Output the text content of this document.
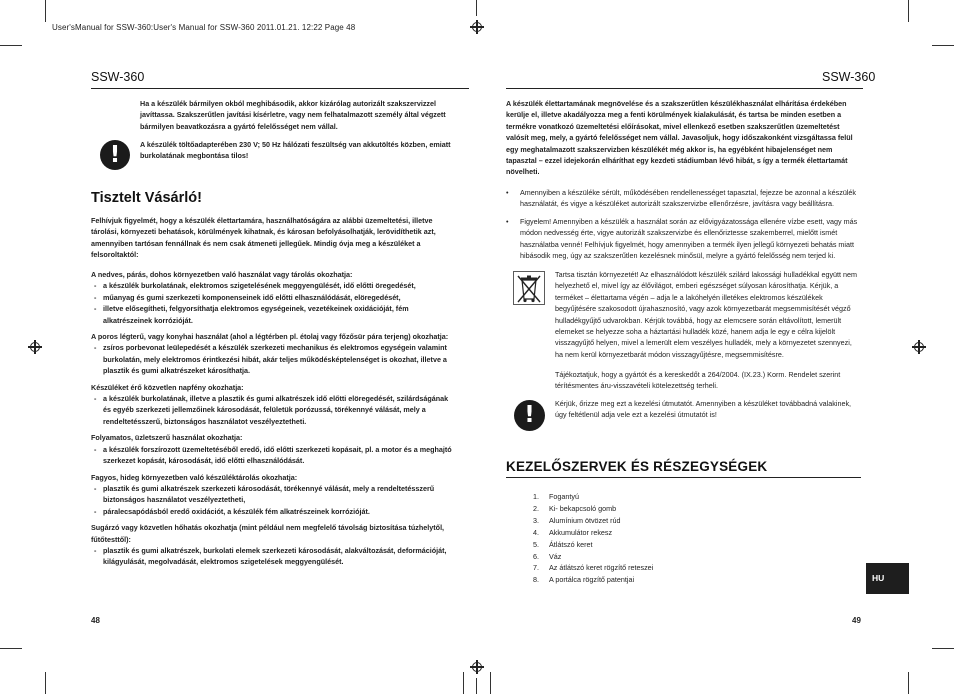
User'sManual for SSW-360:User's Manual for SSW-360 2011.01.21. 12:22 Page 48
SSW-360
Ha a készülék bármilyen okból meghibásodik, akkor kizárólag autorizált szakszervizzel javíttassa. Szakszerűtlen javítási kísérletre, vagy nem felhatalmazott személy által végzett bármilyen beavatkozásra a gyártó felelősséget nem vállal.
!	A készülék töltőadapterében 230 V; 50 Hz hálózati feszültség van akkutöltés közben, emiatt burkolatának megbontása tilos!
Tisztelt Vásárló!
Felhívjuk figyelmét, hogy a készülék élettartamára, használhatóságára az alábbi üzemeltetési, illetve tárolási, környezeti behatások, körülmények kihatnak, és károsan befolyásolhatják, lerövidíthetik azt, amennyiben tartósan fennállnak és nem csak átmeneti jellegűek. Mindig óvja meg a készüléket a felsoroltaktól:
A nedves, párás, dohos környezetben való használat vagy tárolás okozhatja:
- a készülék burkolatának, elektromos szigetelésének meggyengülését, idő előtti öregedését,
- műanyag és gumi szerkezeti komponenseinek idő előtti elhasználódását, elöregedését,
- illetve elősegítheti, felgyorsíthatja elektromos egységeinek, vezetékeinek oxidációját, fém alkatrészeinek korrózióját.
A poros légterű, vagy konyhai használat (ahol a légtérben pl. étolaj vagy főzősür pára terjeng) okozhatja:
- zsíros porbevonat leülepedését a készülék szerkezeti mechanikus és elektromos egységein valamint burkolatán, mely elektromos érintkezési hibát, akár teljes működésképtelenséget is okozhat, illetve a plasztik és gumi alkatrészeket károsíthatja.
Készüléket érő közvetlen napfény okozhatja:
- a készülék burkolatának, illetve a plasztik és gumi alkatrészek idő előtti elöregedését, szilárdságának és egyéb szerkezeti jellemzőinek károsodását, felületük porózussá, törékennyé válását, mely a rendeltetésszerű, biztonságos használatot veszélyeztetheti.
Folyamatos, üzletszerű használat okozhatja:
- a készülék forszírozott üzemeltetéséből eredő, idő előtti szerkezeti kopásait, pl. a motor és a meghajtó szerkezet kopását, károsodását, idő előtti elhasználódását.
Fagyos, hideg környezetben való készüléktárolás okozhatja:
- plasztik és gumi alkatrészek szerkezeti károsodását, törékennyé válását, mely a rendeltetésszerű biztonságos használatot veszélyeztetheti,
- páralecsapódásból eredő oxidációt, a készülék fém alkatrészeinek korrózióját.
Sugárzó vagy közvetlen hőhatás okozhatja (mint például nem megfelelő távolság biztosítása túzhelytől, fűtőtesttől):
- plasztik és gumi alkatrészek, burkolati elemek szerkezeti károsodását, alakváltozását, deformációját, kilágyulását, megolvadását, elektromos szigetelések meggyengülését.
48
SSW-360
A készülék élettartamának megnövelése és a szakszerűtlen készülékhasználat elhárítása érdekében kerülje el, illetve akadályozza meg a fenti körülmények kialakulását, és tartsa be minden esetben a termékre vonatkozó üzemeltetési előírásokat, mivel ellenkező esetben szakszerűtlen üzemeltetést valósít meg, mely, a gyártó felelősséget nem vállal. Javasoljuk, hogy időszakonként vizsgáltassa felül egy meghatalmazott szakszervizben készülékét még akkor is, ha egyébként hibajelenséget nem tapasztal – ezzel idejekorán elháríthat egy kezdeti stádiumban lévő hibát, s így a termék élettartamát növelheti.
• Amennyiben a készüléke sérült, működésében rendellenességet tapasztal, fejezze be azonnal a készülék használatát, és vigye a készüléket autorizált szakszervizbe ellenőrzésre, javításra vagy beállításra.
• Figyelem! Amennyiben a készülék a használat során az elővigyázatossága ellenére vízbe esett, vagy más módon nedvesség érte, vigye autorizált szakszervizbe és ellenőriztesse szakemberrel, mielőtt ismét használatba venné! Felhívjuk figyelmét, hogy amennyiben a termék ilyen jellegű környezeti behatás miatt hibásodik meg, úgy az szakszerűtlen kezelésnek minősül, melyre a gyártó felelősség nem terjed ki.
Tartsa tisztán környezetét! Az elhasználódott készülék szilárd lakossági hulladékkal együtt nem helyezhető el, mivel így az élővilágot, emberi egészséget súlyosan károsíthatja. Kérjük, a terméket – élettartama végén – adja le a lakóhelyén illetékes elektromos készülékek begyűjtésére szakosodott újrahasznosító, vagy azok környezetbarát megsemmisítését végző hulladékgyűjtő udvarokban. Kérjük továbbá, hogy az elemcsere során eltávolított, lemerült elemeket se helyezze soha a háztartási hulladék közé, hanem adja le egy e célra kijelölt visszagyűjtő helyen, mivel a lemerült elem veszélyes hulladék, mely a környezetet szennyezi, ha nem kerül környezetbarát módon visszagyűjtésre, megsemmisítésre.
Tájékoztatjuk, hogy a gyártót és a kereskedőt a 264/2004. (IX.23.) Korm. Rendelet szerint térítésmentes áru-visszavételi kötelezettség terheli.
!	Kérjük, őrizze meg ezt a kezelési útmutatót. Amennyiben a készüléket továbbadná valakinek, úgy feltétlenül adja vele ezt a kezelési útmutatót is!
KEZELŐSZERVEK ÉS RÉSZEGYSÉGEK
1. Fogantyú
2. Ki- bekapcsoló gomb
3. Alumínium ötvözet rúd
4. Akkumulátor rekesz
5. Átlátszó keret
6. Váz
7. Az átlátszó keret rögzítő reteszei
8. A portálca rögzítő patentjai	HU
49
